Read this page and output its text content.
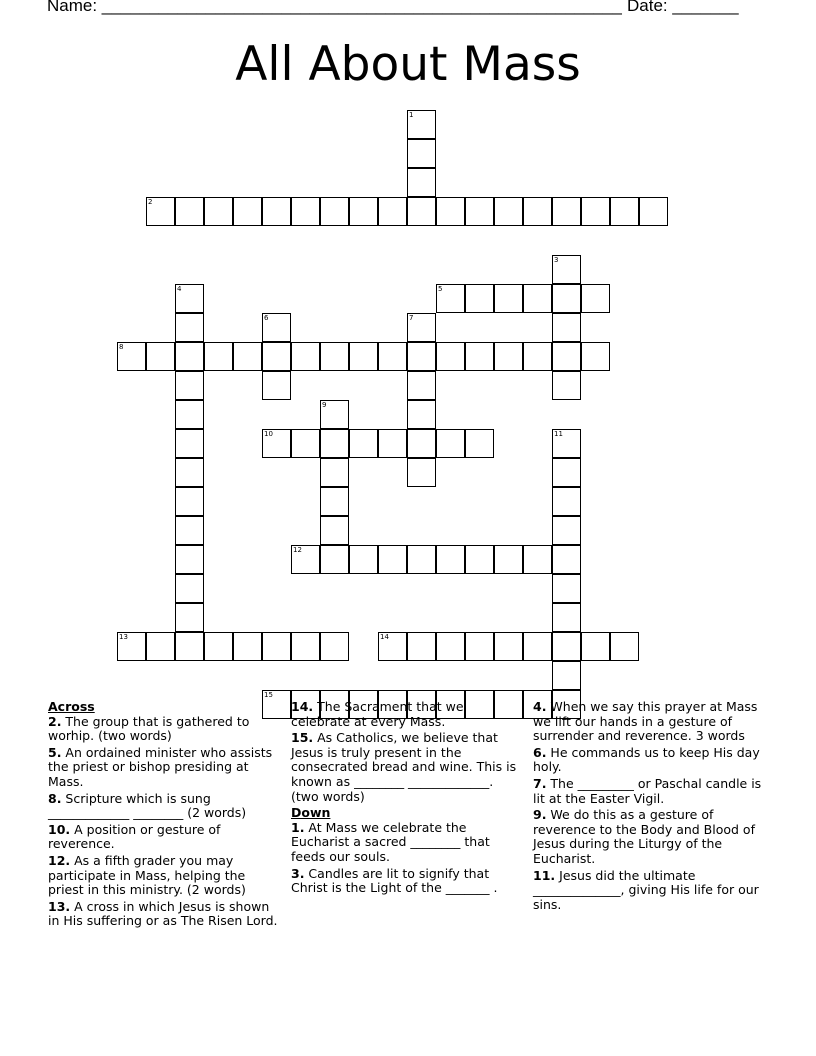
Name: _______________________________________________________ Date: _______
All About Mass
1
2
3
4	5
6	7
8
9
10	11
12
13	14
15
Across
2. The group that is gathered to worhip. (two words)
5. An ordained minister who assists the priest or bishop presiding at Mass.
8. Scripture which is sung _____________ ________ (2 words)
10. A position or gesture of reverence.
12. As a fifth grader you may participate in Mass, helping the priest in this ministry. (2 words)
13. A cross in which Jesus is shown in His suffering or as The Risen Lord.
14. The Sacrament that we celebrate at every Mass.
15. As Catholics, we believe that Jesus is truly present in the consecrated bread and wine. This is known as ________ _____________. (two words)
Down
1. At Mass we celebrate the Eucharist a sacred ________ that feeds our souls.
3. Candles are lit to signify that Christ is the Light of the _______ .
4. When we say this prayer at Mass we lift our hands in a gesture of surrender and reverence. 3 words
6. He commands us to keep His day holy.
7. The _________ or Paschal candle is lit at the Easter Vigil.
9. We do this as a gesture of reverence to the Body and Blood of Jesus during the Liturgy of the Eucharist.
11. Jesus did the ultimate ______________, giving His life for our sins.
